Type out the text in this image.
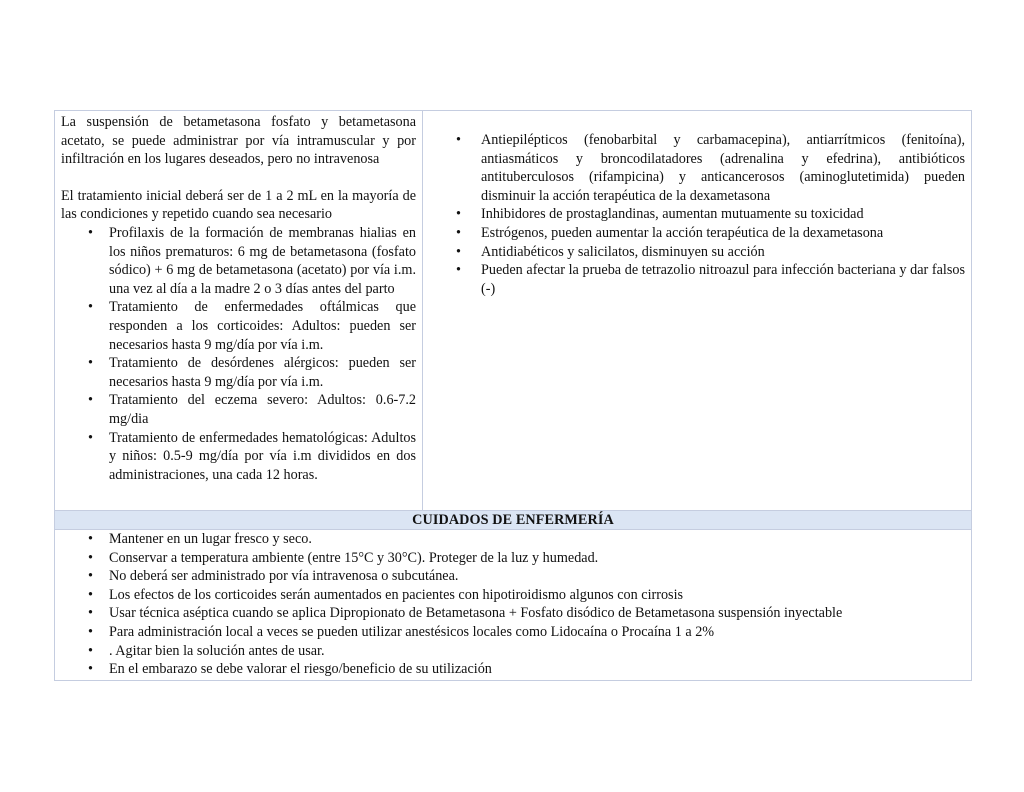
La suspensión de betametasona fosfato y betametasona acetato, se puede administrar por vía intramuscular y por infiltración en los lugares deseados, pero no intravenosa

El tratamiento inicial deberá ser de 1 a 2 mL en la mayoría de las condiciones y repetido cuando sea necesario

• Profilaxis de la formación de membranas hialias en los niños prematuros: 6 mg de betametasona (fosfato sódico) + 6 mg de betametasona (acetato) por vía i.m. una vez al día a la madre 2 o 3 días antes del parto
• Tratamiento de enfermedades oftálmicas que responden a los corticoides: Adultos: pueden ser necesarios hasta 9 mg/día por vía i.m.
• Tratamiento de desórdenes alérgicos: pueden ser necesarios hasta 9 mg/día por vía i.m.
• Tratamiento del eczema severo: Adultos: 0.6-7.2 mg/dia
• Tratamiento de enfermedades hematológicas: Adultos y niños: 0.5-9 mg/día por vía i.m divididos en dos administraciones, una cada 12 horas.
• Antiepilépticos (fenobarbital y carbamacepina), antiarrítmicos (fenitoína), antiasmáticos y broncodilatadores (adrenalina y efedrina), antibióticos antituberculosos (rifampicina) y anticancerosos (aminoglutetimida) pueden disminuir la acción terapéutica de la dexametasona
• Inhibidores de prostaglandinas, aumentan mutuamente su toxicidad
• Estrógenos, pueden aumentar la acción terapéutica de la dexametasona
• Antidiabéticos y salicilatos, disminuyen su acción
• Pueden afectar la prueba de tetrazolio nitroazul para infección bacteriana y dar falsos (-)
CUIDADOS DE ENFERMERÍA
• Mantener en un lugar fresco y seco.
• Conservar a temperatura ambiente (entre 15°C y 30°C). Proteger de la luz y humedad.
• No deberá ser administrado por vía intravenosa o subcutánea.
• Los efectos de los corticoides serán aumentados en pacientes con hipotiroidismo algunos con cirrosis
• Usar técnica aséptica cuando se aplica Dipropionato de Betametasona + Fosfato disódico de Betametasona suspensión inyectable
• Para administración local a veces se pueden utilizar anestésicos locales como Lidocaína o Procaína 1 a 2%
• . Agitar bien la solución antes de usar.
• En el embarazo se debe valorar el riesgo/beneficio de su utilización
